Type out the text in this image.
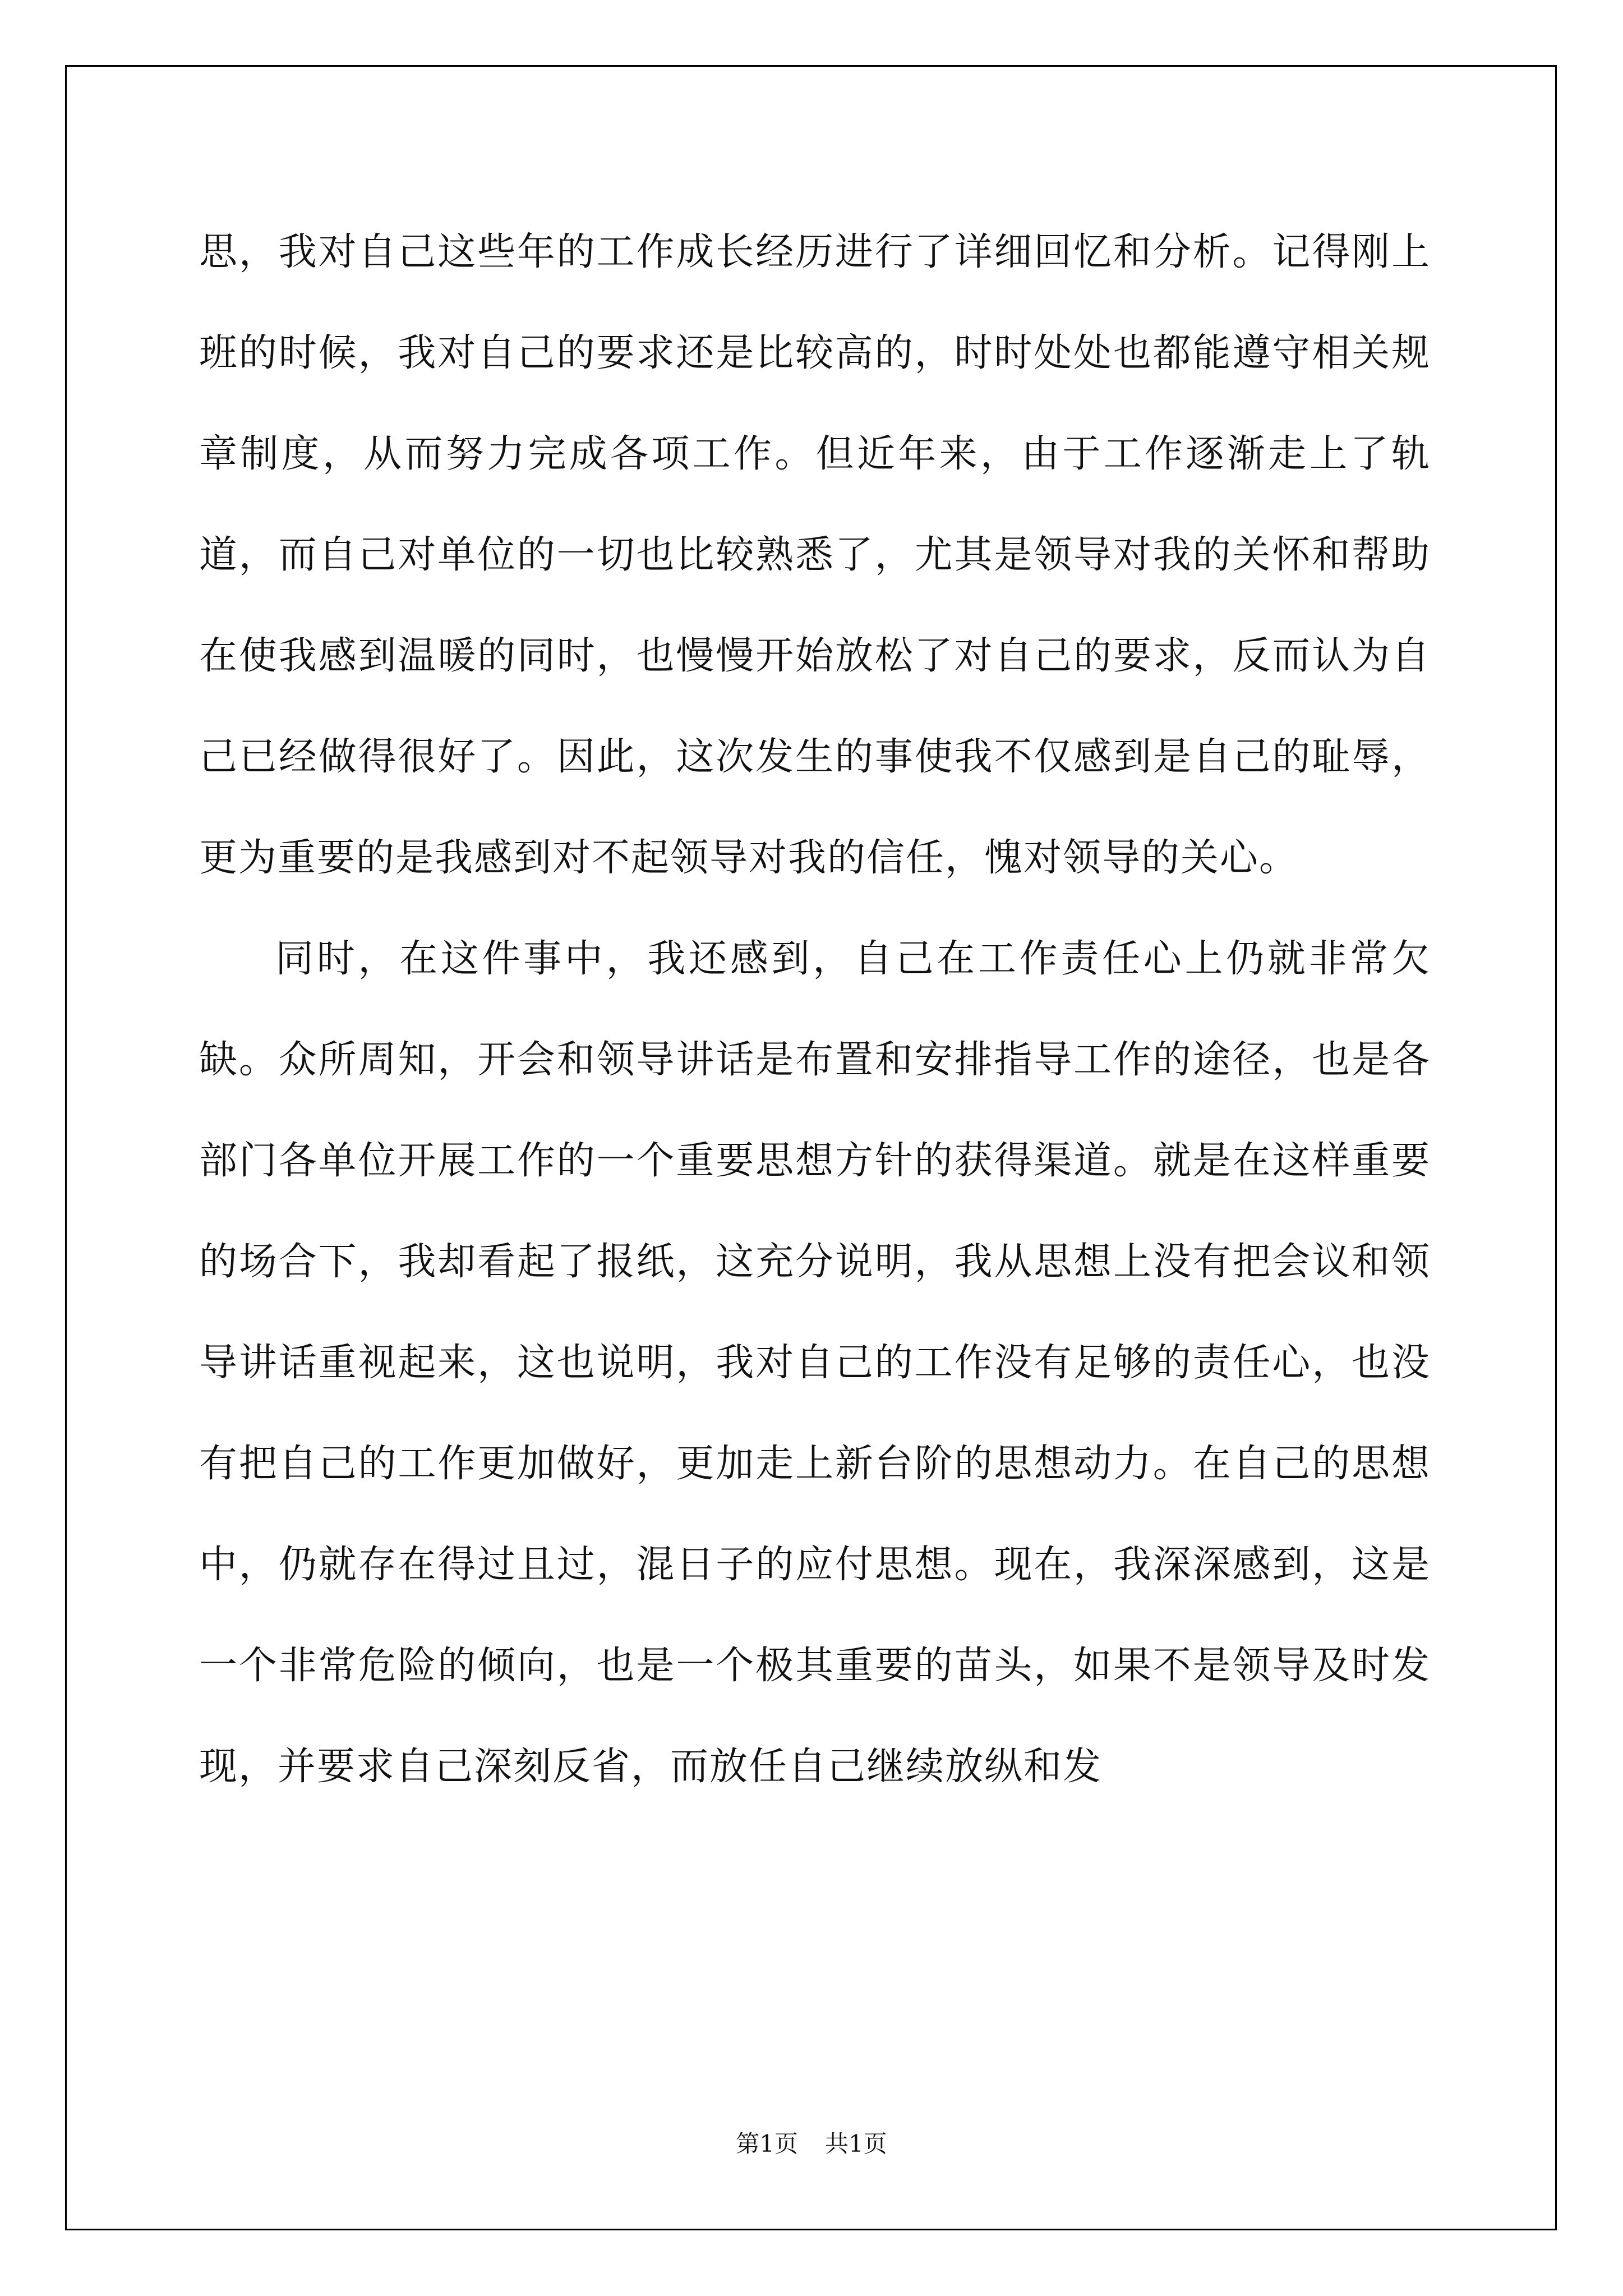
思，我对自己这些年的工作成长经历进行了详细回忆和分析。记得刚上班的时候，我对自己的要求还是比较高的，时时处处也都能遵守相关规章制度，从而努力完成各项工作。但近年来，由于工作逐渐走上了轨道，而自己对单位的一切也比较熟悉了，尤其是领导对我的关怀和帮助在使我感到温暖的同时，也慢慢开始放松了对自己的要求，反而认为自己已经做得很好了。因此，这次发生的事使我不仅感到是自己的耻辱，更为重要的是我感到对不起领导对我的信任，愧对领导的关心。

同时，在这件事中，我还感到，自己在工作责任心上仍就非常欠缺。众所周知，开会和领导讲话是布置和安排指导工作的途径，也是各部门各单位开展工作的一个重要思想方针的获得渠道。就是在这样重要的场合下，我却看起了报纸，这充分说明，我从思想上没有把会议和领导讲话重视起来，这也说明，我对自己的工作没有足够的责任心，也没有把自己的工作更加做好，更加走上新台阶的思想动力。在自己的思想中，仍就存在得过且过，混日子的应付思想。现在，我深深感到，这是一个非常危险的倾向，也是一个极其重要的苗头，如果不是领导及时发现，并要求自己深刻反省，而放任自己继续放纵和发

第1页 共1页
